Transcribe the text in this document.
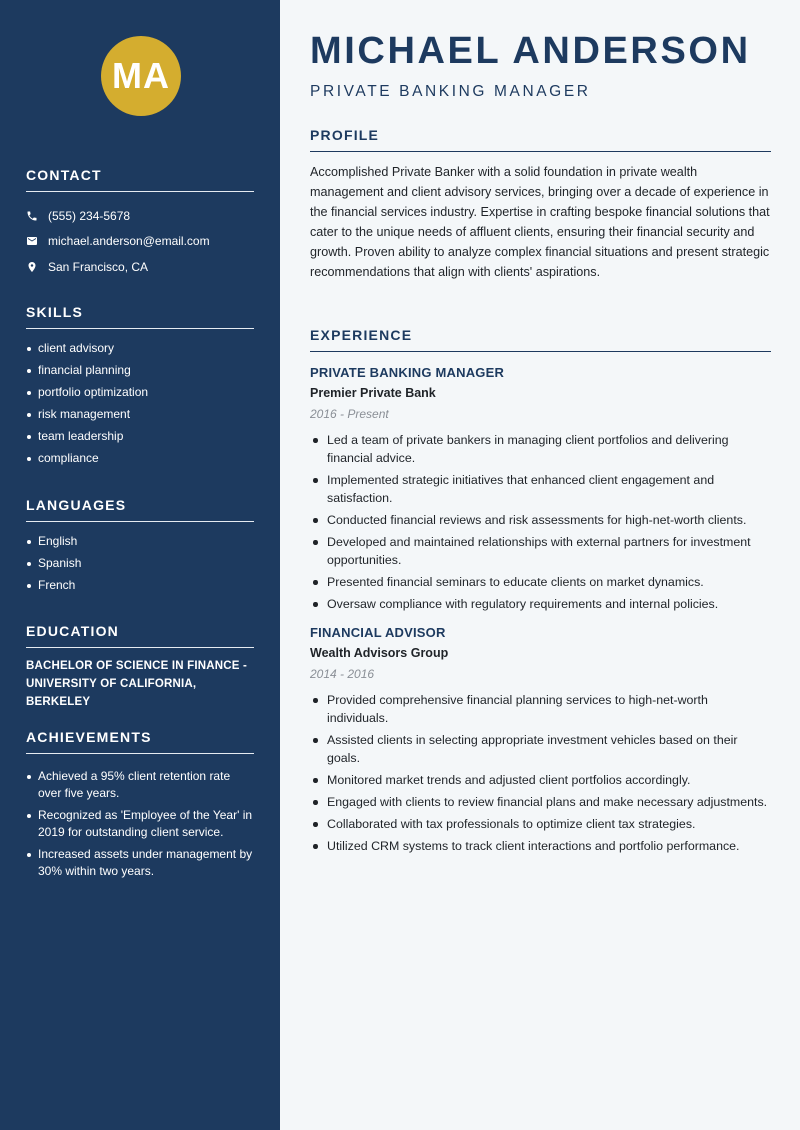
MA
CONTACT
(555) 234-5678
michael.anderson@email.com
San Francisco, CA
SKILLS
client advisory
financial planning
portfolio optimization
risk management
team leadership
compliance
LANGUAGES
English
Spanish
French
EDUCATION
BACHELOR OF SCIENCE IN FINANCE - UNIVERSITY OF CALIFORNIA, BERKELEY
ACHIEVEMENTS
Achieved a 95% client retention rate over five years.
Recognized as 'Employee of the Year' in 2019 for outstanding client service.
Increased assets under management by 30% within two years.
MICHAEL ANDERSON
PRIVATE BANKING MANAGER
PROFILE

Accomplished Private Banker with a solid foundation in private wealth management and client advisory services, bringing over a decade of experience in the financial services industry. Expertise in crafting bespoke financial solutions that cater to the unique needs of affluent clients, ensuring their financial security and growth. Proven ability to analyze complex financial situations and present strategic recommendations that align with clients' aspirations.

EXPERIENCE
PRIVATE BANKING MANAGER
Premier Private Bank
2016 - Present
Led a team of private bankers in managing client portfolios and delivering financial advice.
Implemented strategic initiatives that enhanced client engagement and satisfaction.
Conducted financial reviews and risk assessments for high-net-worth clients.
Developed and maintained relationships with external partners for investment opportunities.
Presented financial seminars to educate clients on market dynamics.
Oversaw compliance with regulatory requirements and internal policies.
FINANCIAL ADVISOR
Wealth Advisors Group
2014 - 2016
Provided comprehensive financial planning services to high-net-worth individuals.
Assisted clients in selecting appropriate investment vehicles based on their goals.
Monitored market trends and adjusted client portfolios accordingly.
Engaged with clients to review financial plans and make necessary adjustments.
Collaborated with tax professionals to optimize client tax strategies.
Utilized CRM systems to track client interactions and portfolio performance.
